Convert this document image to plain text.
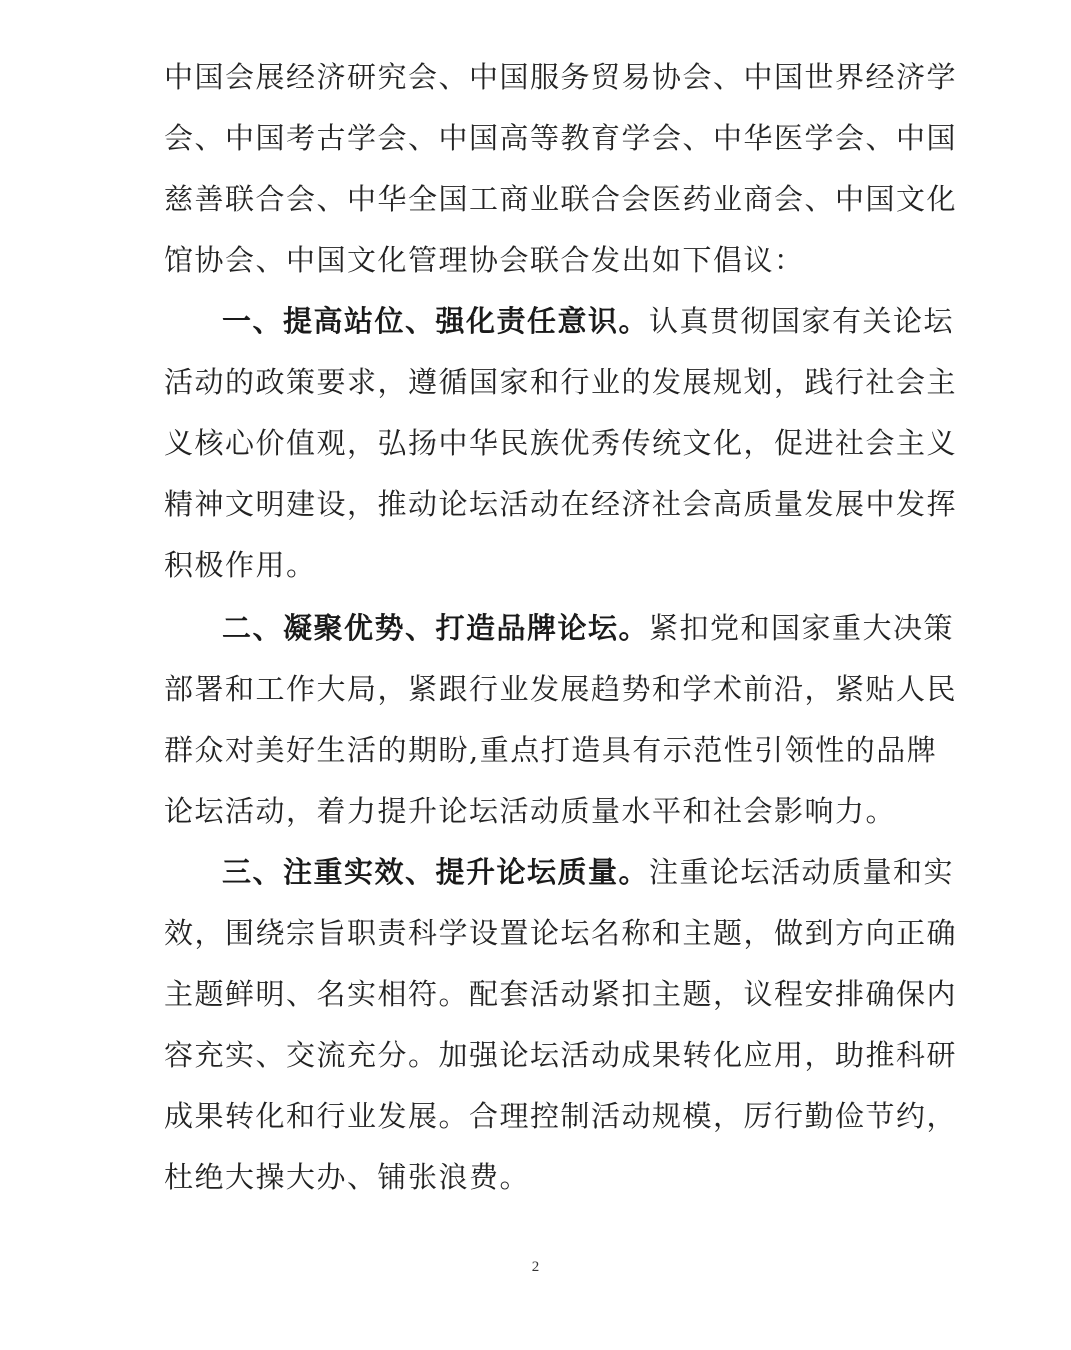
中国会展经济研究会、中国服务贸易协会、中国世界经济学
会、中国考古学会、中国高等教育学会、中华医学会、中国
慈善联合会、中华全国工商业联合会医药业商会、中国文化
馆协会、中国文化管理协会联合发出如下倡议：
一、提高站位、强化责任意识。认真贯彻国家有关论坛
活动的政策要求，遵循国家和行业的发展规划，践行社会主
义核心价值观，弘扬中华民族优秀传统文化，促进社会主义
精神文明建设，推动论坛活动在经济社会高质量发展中发挥
积极作用。
二、凝聚优势、打造品牌论坛。紧扣党和国家重大决策
部署和工作大局，紧跟行业发展趋势和学术前沿，紧贴人民
群众对美好生活的期盼,重点打造具有示范性引领性的品牌
论坛活动，着力提升论坛活动质量水平和社会影响力。
三、注重实效、提升论坛质量。注重论坛活动质量和实
效，围绕宗旨职责科学设置论坛名称和主题，做到方向正确
主题鲜明、名实相符。配套活动紧扣主题，议程安排确保内
容充实、交流充分。加强论坛活动成果转化应用，助推科研
成果转化和行业发展。合理控制活动规模，厉行勤俭节约，
杜绝大操大办、铺张浪费。
2
